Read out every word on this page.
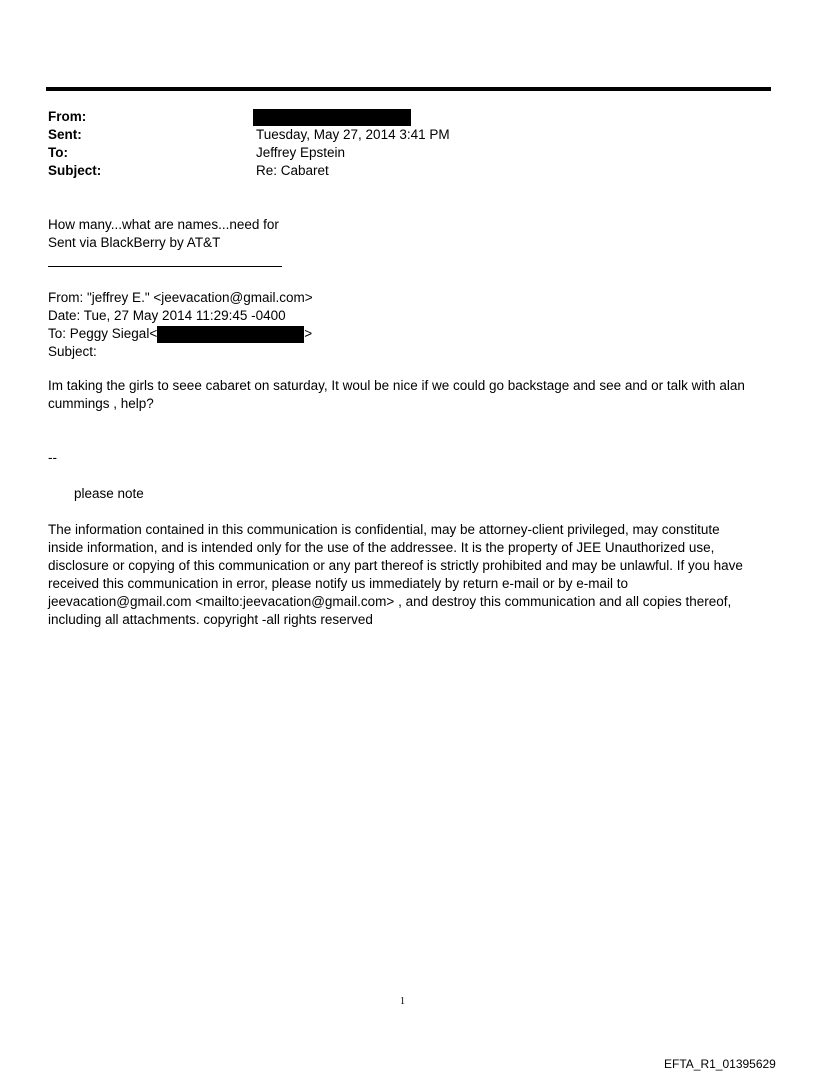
From:
Sent:	Tuesday, May 27, 2014 3:41 PM
To:	Jeffrey Epstein
Subject:	Re: Cabaret
How many...what are names...need for
Sent via BlackBerry by AT&T
From: "jeffrey E." <jeevacation@gmail.com>
Date: Tue, 27 May 2014 11:29:45 -0400
To: Peggy Siegal<	>
Subject:
Im taking the girls to seee cabaret on saturday, It woul be nice if we could go backstage and see and or talk with alan
cummings , help?
--
please note
The information contained in this communication is confidential, may be attorney-client privileged, may constitute
inside information, and is intended only for the use of the addressee. It is the property of JEE Unauthorized use,
disclosure or copying of this communication or any part thereof is strictly prohibited and may be unlawful. If you have
received this communication in error, please notify us immediately by return e-mail or by e-mail to
jeevacation@gmail.com <mailto:jeevacation@gmail.com> , and destroy this communication and all copies thereof,
including all attachments. copyright -all rights reserved
1
EFTA_R1_01395629
